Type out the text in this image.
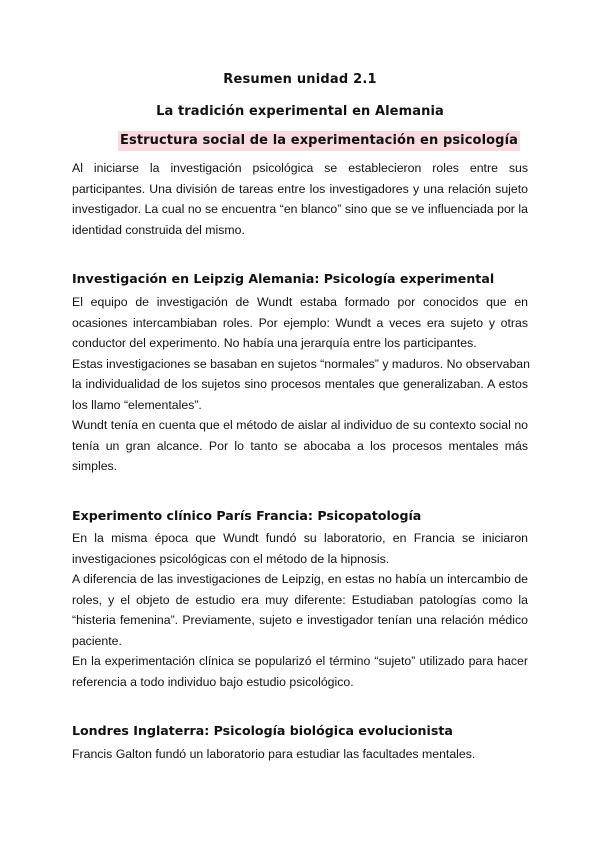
Resumen unidad 2.1
La tradición experimental en Alemania
Estructura social de la experimentación en psicología
Al iniciarse la investigación psicológica se establecieron roles entre sus
participantes. Una división de tareas entre los investigadores y una relación sujeto
investigador. La cual no se encuentra “en blanco” sino que se ve influenciada por la
identidad construida del mismo.
Investigación en Leipzig Alemania: Psicología experimental
El equipo de investigación de Wundt estaba formado por conocidos que en
ocasiones intercambiaban roles. Por ejemplo: Wundt a veces era sujeto y otras
conductor del experimento. No había una jerarquía entre los participantes.
Estas investigaciones se basaban en sujetos “normales” y maduros. No observaban
la individualidad de los sujetos sino procesos mentales que generalizaban. A estos
los llamo “elementales”.
Wundt tenía en cuenta que el método de aislar al individuo de su contexto social no
tenía un gran alcance. Por lo tanto se abocaba a los procesos mentales más
simples.
Experimento clínico París Francia: Psicopatología
En la misma época que Wundt fundó su laboratorio, en Francia se iniciaron
investigaciones psicológicas con el método de la hipnosis.
A diferencia de las investigaciones de Leipzig, en estas no había un intercambio de
roles, y el objeto de estudio era muy diferente: Estudiaban patologías como la
“histeria femenina”. Previamente, sujeto e investigador tenían una relación médico
paciente.
En la experimentación clínica se popularizó el término “sujeto” utilizado para hacer
referencia a todo individuo bajo estudio psicológico.
Londres Inglaterra: Psicología biológica evolucionista
Francis Galton fundó un laboratorio para estudiar las facultades mentales.
